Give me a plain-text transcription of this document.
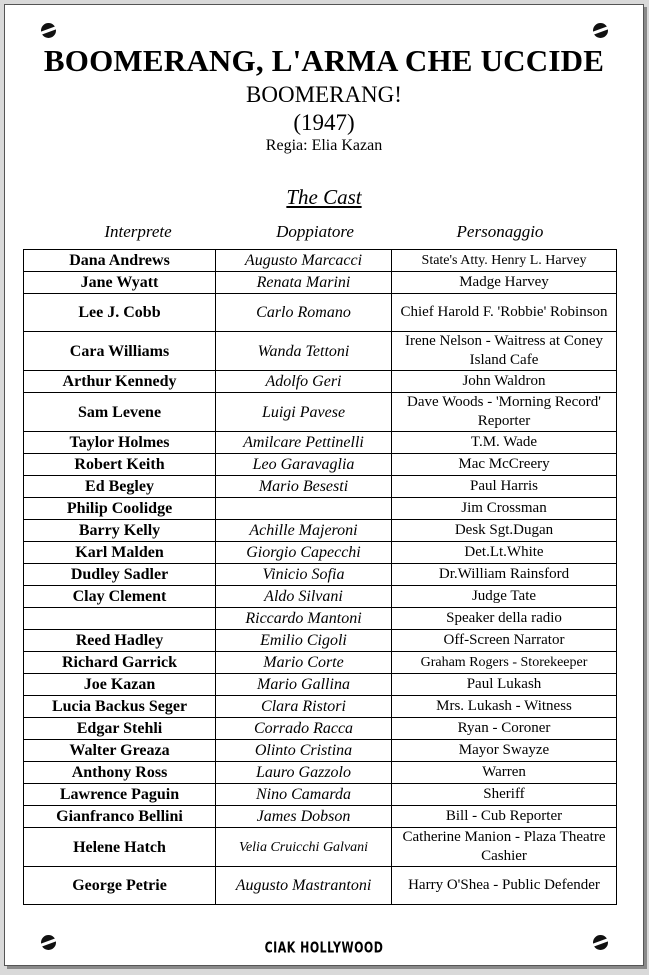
BOOMERANG, L'ARMA CHE UCCIDE
BOOMERANG!
(1947)
Regia: Elia Kazan
The Cast
Interprete	Doppiatore	Personaggio
Dana Andrews	Augusto Marcacci	State's Atty. Henry L. Harvey
Jane Wyatt	Renata Marini	Madge Harvey
Lee J. Cobb	Carlo Romano	Chief Harold F. 'Robbie' Robinson
Cara Williams	Wanda Tettoni	Irene Nelson - Waitress at Coney Island Cafe
Arthur Kennedy	Adolfo Geri	John Waldron
Sam Levene	Luigi Pavese	Dave Woods - 'Morning Record' Reporter
Taylor Holmes	Amilcare Pettinelli	T.M. Wade
Robert Keith	Leo Garavaglia	Mac McCreery
Ed Begley	Mario Besesti	Paul Harris
Philip Coolidge		Jim Crossman
Barry Kelly	Achille Majeroni	Desk Sgt.Dugan
Karl Malden	Giorgio Capecchi	Det.Lt.White
Dudley Sadler	Vinicio Sofia	Dr.William Rainsford
Clay Clement	Aldo Silvani	Judge Tate
	Riccardo Mantoni	Speaker della radio
Reed Hadley	Emilio Cigoli	Off-Screen Narrator
Richard Garrick	Mario Corte	Graham Rogers - Storekeeper
Joe Kazan	Mario Gallina	Paul Lukash
Lucia Backus Seger	Clara Ristori	Mrs. Lukash - Witness
Edgar Stehli	Corrado Racca	Ryan - Coroner
Walter Greaza	Olinto Cristina	Mayor Swayze
Anthony Ross	Lauro Gazzolo	Warren
Lawrence Paguin	Nino Camarda	Sheriff
Gianfranco Bellini	James Dobson	Bill - Cub Reporter
Helene Hatch	Velia Cruicchi Galvani	Catherine Manion - Plaza Theatre Cashier
George Petrie	Augusto Mastrantoni	Harry O'Shea - Public Defender
CIAK HOLLYWOOD
